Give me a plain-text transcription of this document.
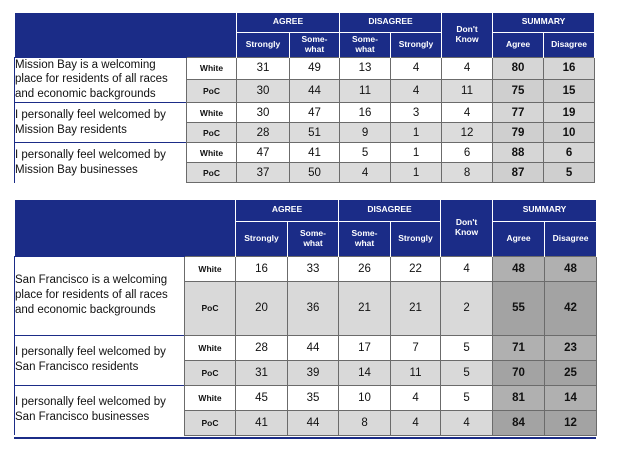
		AGREE		DISAGREE		Don't Know	SUMMARY	
		Strongly	Some-what	Some-what	Strongly		Agree	Disagree
Mission Bay is a welcoming place for residents of all races and economic backgrounds	White	31	49	13	4	4	80	16
	PoC	30	44	11	4	11	75	15
I personally feel welcomed by Mission Bay residents	White	30	47	16	3	4	77	19
	PoC	28	51	9	1	12	79	10
I personally feel welcomed by Mission Bay businesses	White	47	41	5	1	6	88	6
	PoC	37	50	4	1	8	87	5
		AGREE		DISAGREE		Don't Know	SUMMARY	
		Strongly	Some-what	Some-what	Strongly		Agree	Disagree
San Francisco is a welcoming place for residents of all races and economic backgrounds	White	16	33	26	22	4	48	48
	PoC	20	36	21	21	2	55	42
I personally feel welcomed by San Francisco residents	White	28	44	17	7	5	71	23
	PoC	31	39	14	11	5	70	25
I personally feel welcomed by San Francisco businesses	White	45	35	10	4	5	81	14
	PoC	41	44	8	4	4	84	12
